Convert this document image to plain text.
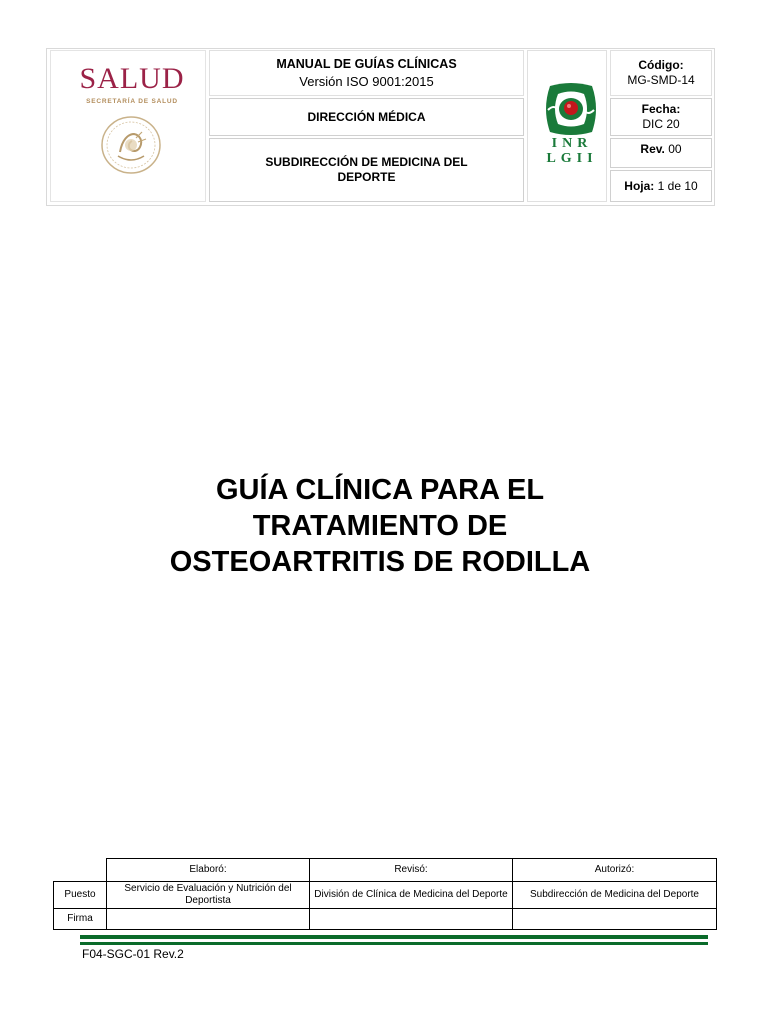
SALUD
SECRETARÍA DE SALUD
MANUAL DE GUÍAS CLÍNICAS
Versión ISO 9001:2015
DIRECCIÓN MÉDICA
SUBDIRECCIÓN DE MEDICINA DEL DEPORTE
INR
LGII
Código:
MG-SMD-14
Fecha:
DIC 20
Rev.
00
Hoja:
1 de 10
GUÍA CLÍNICA PARA EL
TRATAMIENTO DE
OSTEOARTRITIS DE RODILLA
	Elaboró:	Revisó:	Autorizó:
Puesto	Servicio de Evaluación y Nutrición del Deportista	División de Clínica de Medicina del Deporte	Subdirección de Medicina del Deporte
Firma			
F04-SGC-01 Rev.2
